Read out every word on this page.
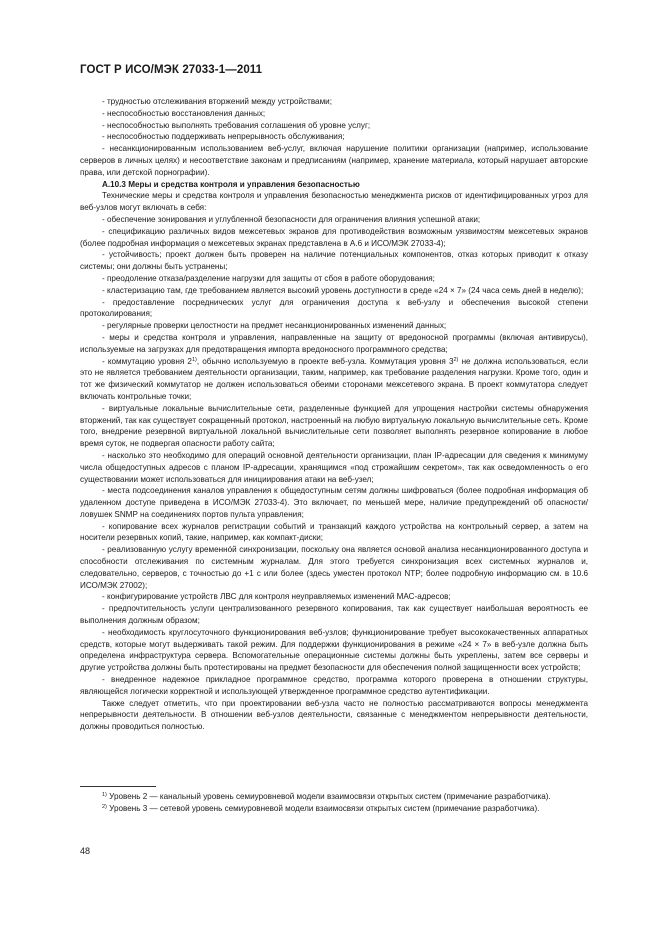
ГОСТ Р ИСО/МЭК 27033-1—2011

- трудностью отслеживания вторжений между устройствами;

- неспособностью восстановления данных;

- неспособностью выполнять требования соглашения об уровне услуг;

- неспособностью поддерживать непрерывность обслуживания;

- несанкционированным использованием веб-услуг, включая нарушение политики организации (например, использование серверов в личных целях) и несоответствие законам и предписаниям (например, хранение материала, который нарушает авторские права, или детской порнографии).

А.10.3 Меры и средства контроля и управления безопасностью

Технические меры и средства контроля и управления безопасностью менеджмента рисков от идентифицированных угроз для веб-узлов могут включать в себя:

- обеспечение зонирования и углубленной безопасности для ограничения влияния успешной атаки;

- спецификацию различных видов межсетевых экранов для противодействия возможным уязвимостям межсетевых экранов (более подробная информация о межсетевых экранах представлена в А.6 и ИСО/МЭК 27033-4);

- устойчивость; проект должен быть проверен на наличие потенциальных компонентов, отказ которых приводит к отказу системы; они должны быть устранены;

- преодоление отказа/разделение нагрузки для защиты от сбоя в работе оборудования;

- кластеризацию там, где требованием является высокий уровень доступности в среде «24 × 7» (24 часа семь дней в неделю);

- предоставление посреднических услуг для ограничения доступа к веб-узлу и обеспечения высокой степени протоколирования;

- регулярные проверки целостности на предмет несанкционированных изменений данных;

- меры и средства контроля и управления, направленные на защиту от вредоносной программы (включая антивирусы), используемые на загрузках для предотвращения импорта вредоносного программного средства;

- коммутацию уровня 2$^{1)}$, обычно используемую в проекте веб-узла. Коммутация уровня 3$^{2)}$ не должна использоваться, если это не является требованием деятельности организации, таким, например, как требование разделения нагрузки. Кроме того, один и тот же физический коммутатор не должен использоваться обеими сторонами межсетевого экрана. В проект коммутатора следует включать контрольные точки;

- виртуальные локальные вычислительные сети, разделенные функцией для упрощения настройки системы обнаружения вторжений, так как существует сокращенный протокол, настроенный на любую виртуальную локальную вычислительные сеть. Кроме того, внедрение резервной виртуальной локальной вычислительные сети позволяет выполнять резервное копирование в любое время суток, не подвергая опасности работу сайта;

- насколько это необходимо для операций основной деятельности организации, план IP-адресации для сведения к минимуму числа общедоступных адресов с планом IP-адресации, хранящимся «под строжайшим секретом», так как осведомленность о его существовании может использоваться для инициирования атаки на веб-узел;

- места подсоединения каналов управления к общедоступным сетям должны шифроваться (более подробная информация об удаленном доступе приведена в ИСО/МЭК 27033-4). Это включает, по меньшей мере, наличие предупреждений об опасности/ловушек SNMP на соединениях портов пульта управления;

- копирование всех журналов регистрации событий и транзакций каждого устройства на контрольный сервер, а затем на носители резервных копий, такие, например, как компакт-диски;

- реализованную услугу временнóй синхронизации, поскольку она является основой анализа несанкционированного доступа и способности отслеживания по системным журналам. Для этого требуется синхронизация всех системных журналов и, следовательно, серверов, с точностью до +1 с или более (здесь уместен протокол NTP; более подробную информацию см. в 10.6 ИСО/МЭК 27002);

- конфигурирование устройств ЛВС для контроля неуправляемых изменений МАС-адресов;

- предпочтительность услуги централизованного резервного копирования, так как существует наибольшая вероятность ее выполнения должным образом;

- необходимость круглосуточного функционирования веб-узлов; функционирование требует высококачественных аппаратных средств, которые могут выдерживать такой режим. Для поддержки функционирования в режиме «24 × 7» в веб-узле должна быть определена инфраструктура сервера. Вспомогательные операционные системы должны быть укреплены, затем все серверы и другие устройства должны быть протестированы на предмет безопасности для обеспечения полной защищенности всех устройств;

- внедренное надежное прикладное программное средство, программа которого проверена в отношении структуры, являющейся логически корректной и использующей утвержденное программное средство аутентификации.

Также следует отметить, что при проектировании веб-узла часто не полностью рассматриваются вопросы менеджмента непрерывности деятельности. В отношении веб-узлов деятельности, связанные с менеджментом непрерывности деятельности, должны проводиться полностью.

$^{1)}$ Уровень 2 — канальный уровень семиуровневой модели взаимосвязи открытых систем (примечание разработчика).

$^{2)}$ Уровень 3 — сетевой уровень семиуровневой модели взаимосвязи открытых систем (примечание разработчика).

48
